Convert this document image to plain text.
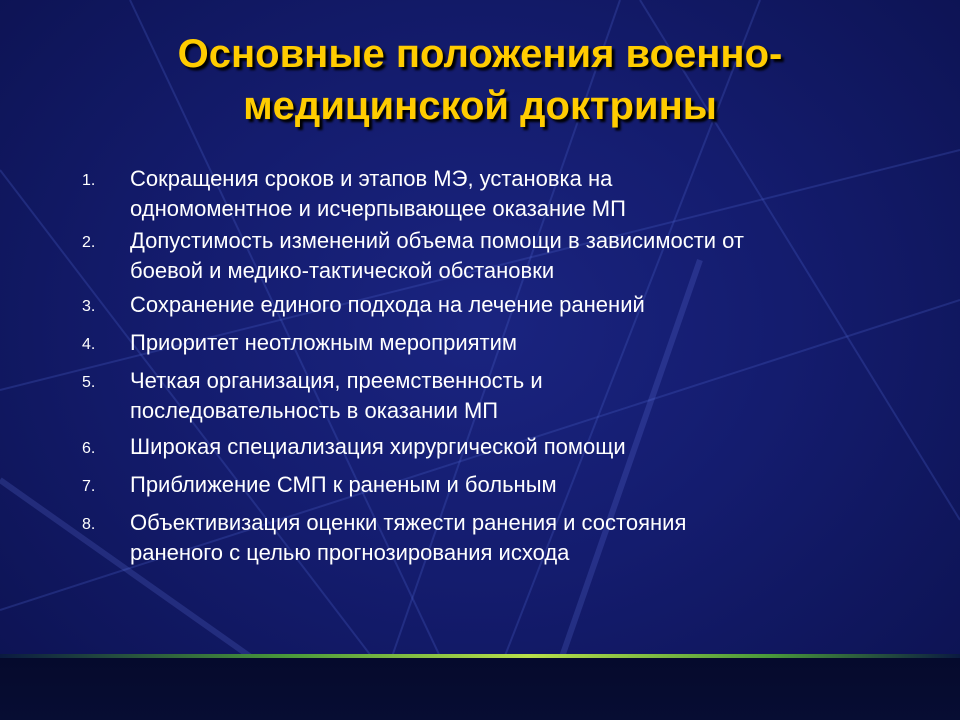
Основные положения военно-
медицинской доктрины
1.	Сокращения сроков и этапов МЭ, установка на
одномоментное и исчерпывающее оказание МП
2.	Допустимость изменений объема помощи в зависимости от
боевой и медико-тактической обстановки
3.	Сохранение единого подхода на лечение ранений
4.	Приоритет неотложным мероприятим
5.	Четкая организация, преемственность и
последовательность в оказании МП
6.	Широкая специализация хирургической помощи
7.	Приближение СМП к раненым и больным
8.	Объективизация оценки тяжести ранения и состояния
раненого с целью прогнозирования исхода
